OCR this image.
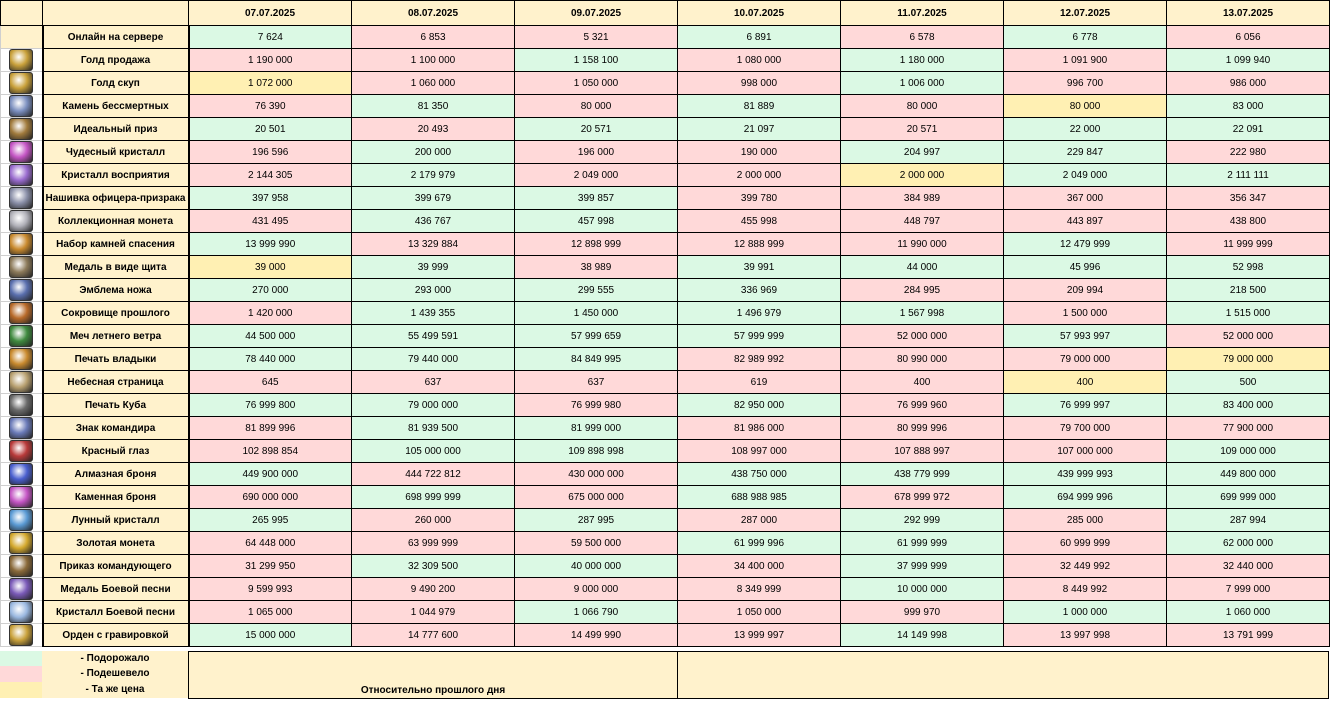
		07.07.2025	08.07.2025	09.07.2025	10.07.2025	11.07.2025	12.07.2025	13.07.2025
	Онлайн на сервере	7 624	6 853	5 321	6 891	6 578	6 778	6 056

	Голд продажа	1 190 000	1 100 000	1 158 100	1 080 000	1 180 000	1 091 900	1 099 940

	Голд скуп	1 072 000	1 060 000	1 050 000	998 000	1 006 000	996 700	986 000

	Камень бессмертных	76 390	81 350	80 000	81 889	80 000	80 000	83 000

	Идеальный приз	20 501	20 493	20 571	21 097	20 571	22 000	22 091

	Чудесный кристалл	196 596	200 000	196 000	190 000	204 997	229 847	222 980

	Кристалл восприятия	2 144 305	2 179 979	2 049 000	2 000 000	2 000 000	2 049 000	2 111 111

	Нашивка офицера-призрака	397 958	399 679	399 857	399 780	384 989	367 000	356 347

	Коллекционная монета	431 495	436 767	457 998	455 998	448 797	443 897	438 800

	Набор камней спасения	13 999 990	13 329 884	12 898 999	12 888 999	11 990 000	12 479 999	11 999 999

	Медаль в виде щита	39 000	39 999	38 989	39 991	44 000	45 996	52 998

	Эмблема ножа	270 000	293 000	299 555	336 969	284 995	209 994	218 500

	Сокровище прошлого	1 420 000	1 439 355	1 450 000	1 496 979	1 567 998	1 500 000	1 515 000

	Меч летнего ветра	44 500 000	55 499 591	57 999 659	57 999 999	52 000 000	57 993 997	52 000 000

	Печать владыки	78 440 000	79 440 000	84 849 995	82 989 992	80 990 000	79 000 000	79 000 000

	Небесная страница	645	637	637	619	400	400	500

	Печать Куба	76 999 800	79 000 000	76 999 980	82 950 000	76 999 960	76 999 997	83 400 000

	Знак командира	81 899 996	81 939 500	81 999 000	81 986 000	80 999 996	79 700 000	77 900 000

	Красный глаз	102 898 854	105 000 000	109 898 998	108 997 000	107 888 997	107 000 000	109 000 000

	Алмазная броня	449 900 000	444 722 812	430 000 000	438 750 000	438 779 999	439 999 993	449 800 000

	Каменная броня	690 000 000	698 999 999	675 000 000	688 988 985	678 999 972	694 999 996	699 999 000

	Лунный кристалл	265 995	260 000	287 995	287 000	292 999	285 000	287 994

	Золотая монета	64 448 000	63 999 999	59 500 000	61 999 996	61 999 999	60 999 999	62 000 000

	Приказ командующего	31 299 950	32 309 500	40 000 000	34 400 000	37 999 999	32 449 992	32 440 000

	Медаль Боевой песни	9 599 993	9 490 200	9 000 000	8 349 999	10 000 000	8 449 992	7 999 000

	Кристалл Боевой песни	1 065 000	1 044 979	1 066 790	1 050 000	999 970	1 000 000	1 060 000

	Орден с гравировкой	15 000 000	14 777 600	14 499 990	13 999 997	14 149 998	13 997 998	13 791 999
- Подорожало
- Подешевело
- Та же цена	Относительно прошлого дня
